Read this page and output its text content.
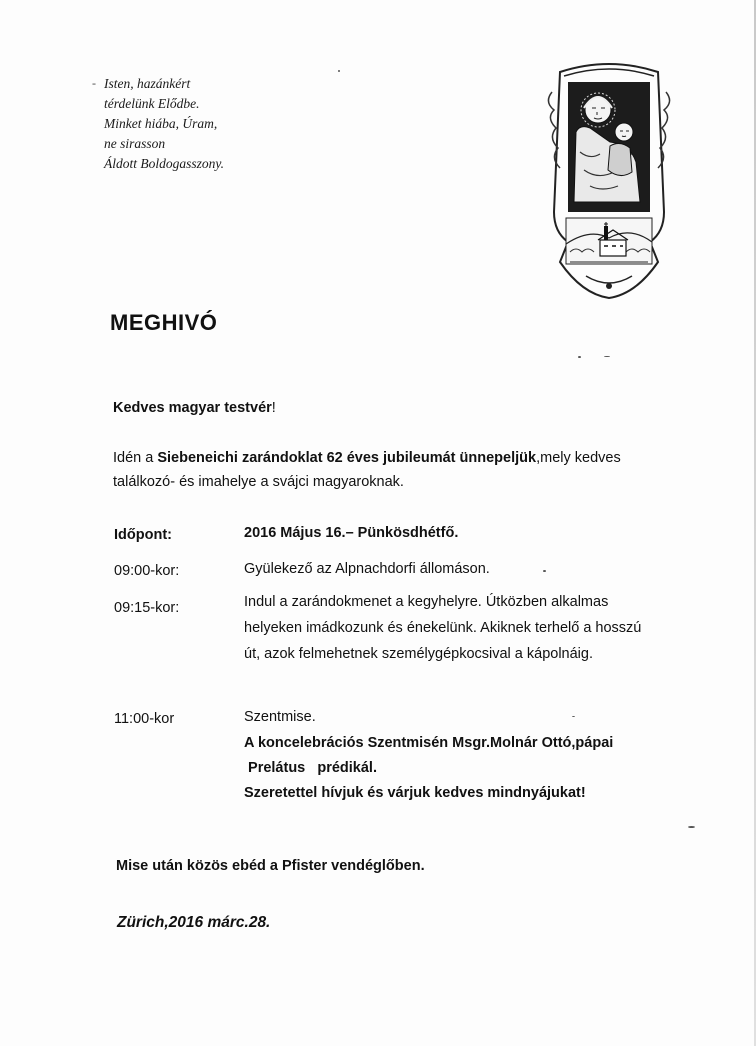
- Isten, hazánkért
térdelünk Elődbe.
Minket hiába, Úram,
ne sirasson
Áldott Boldogasszony.
MEGHIVÓ
Kedves magyar testvér!
Idén a Siebeneichi zarándoklat 62 éves jubileumát ünnepeljük,mely kedves találkozó- és imahelye a svájci magyaroknak.
Időpont:	2016 Május 16.– Pünkösdhétfő.
09:00-kor:	Gyülekező az Alpnachdorfi állomáson.
09:15-kor:	Indul a zarándokmenet a kegyhelyre. Útközben alkalmas helyeken imádkozunk és énekelünk. Akiknek terhelő a hosszú út, azok felmehetnek személygépkocsival a kápolnáig.
11:00-kor	Szentmise.
A koncelebrációs Szentmisén Msgr.Molnár Ottó,pápai
Prelátus   prédikál.
Szeretettel hívjuk és várjuk kedves mindnyájukat!
Mise után közös ebéd a Pfister vendéglőben.
Zürich,2016 márc.28.
